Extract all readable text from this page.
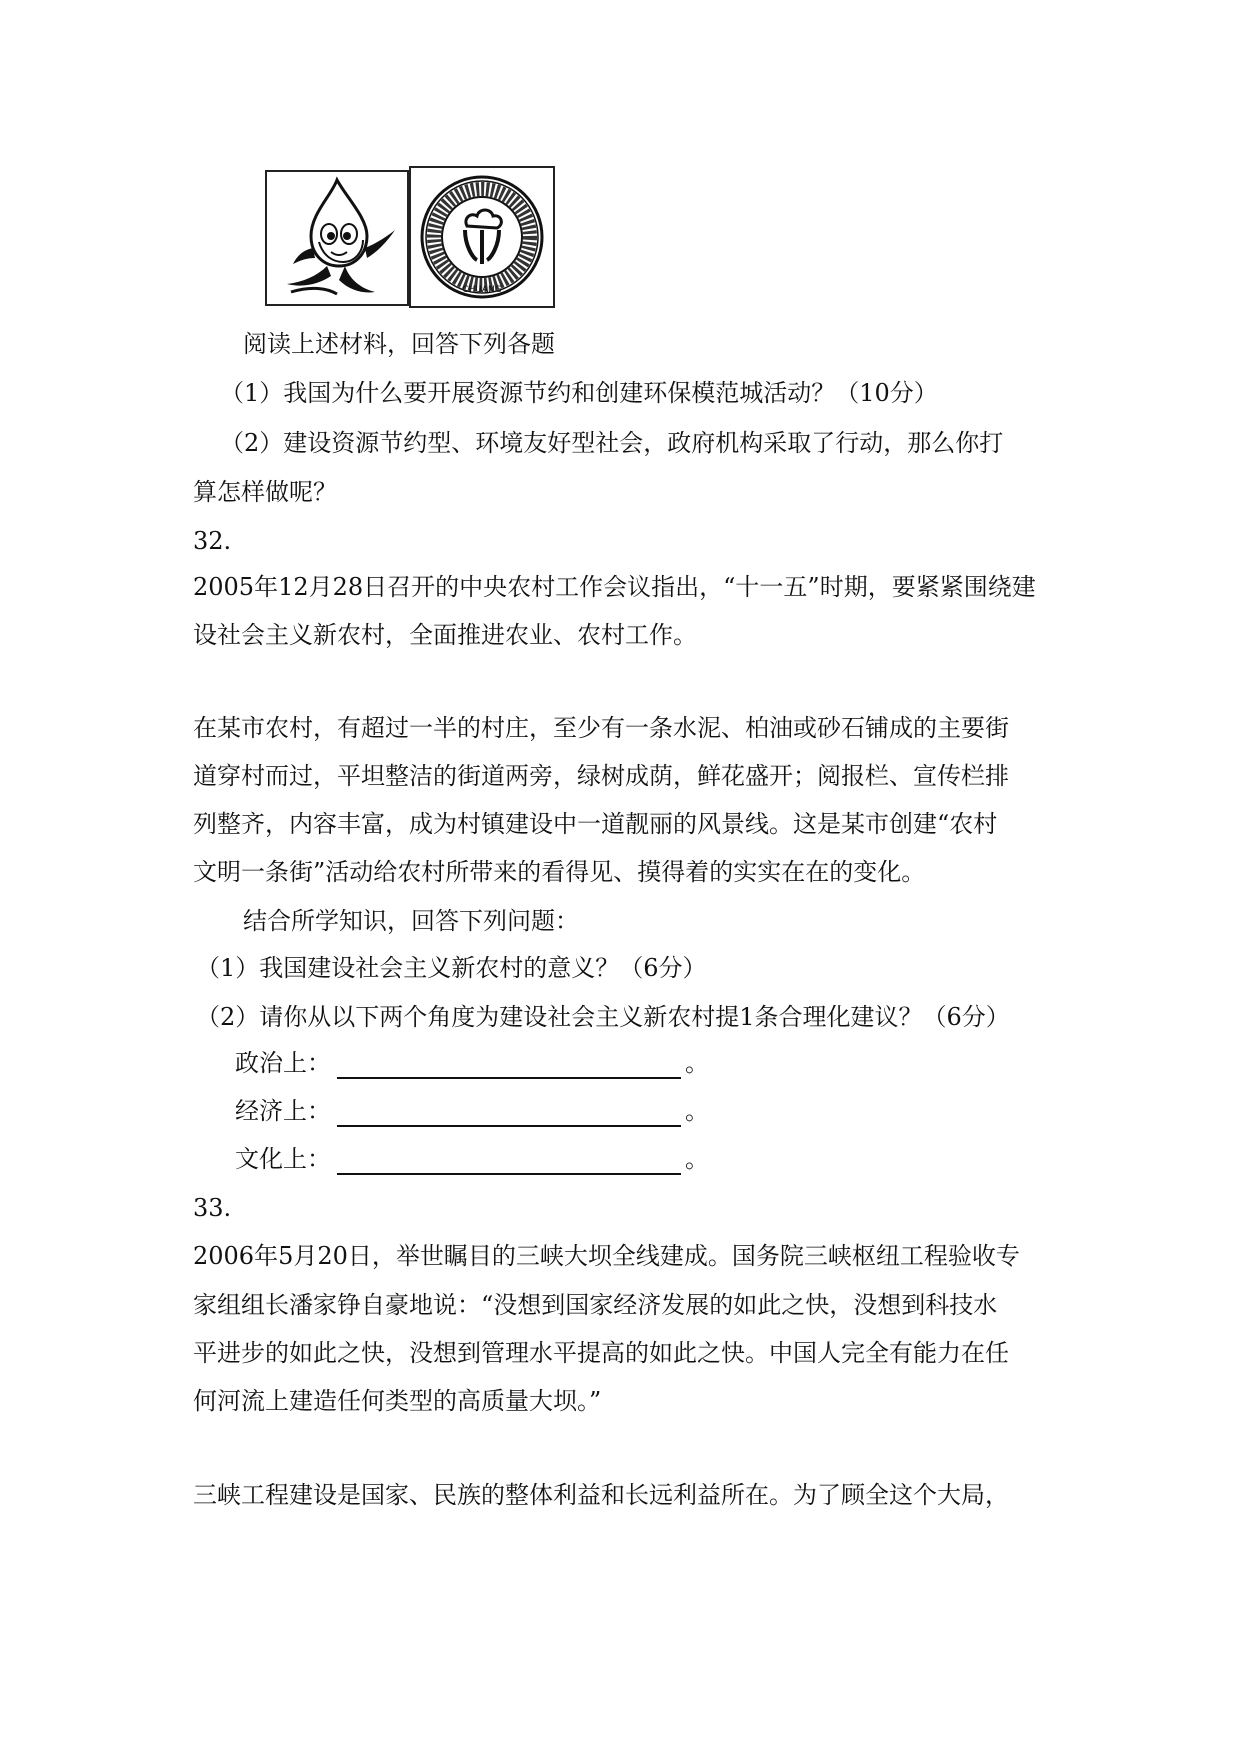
CHUANG
阅读上述材料，回答下列各题
（1）我国为什么要开展资源节约和创建环保模范城活动？（10分）
（2）建设资源节约型、环境友好型社会，政府机构采取了行动，那么你打
算怎样做呢？
32.
2005年12月28日召开的中央农村工作会议指出，“十一五”时期，要紧紧围绕建
设社会主义新农村，全面推进农业、农村工作。
在某市农村，有超过一半的村庄，至少有一条水泥、柏油或砂石铺成的主要街
道穿村而过，平坦整洁的街道两旁，绿树成荫，鲜花盛开；阅报栏、宣传栏排
列整齐，内容丰富，成为村镇建设中一道靓丽的风景线。这是某市创建“农村
文明一条街”活动给农村所带来的看得见、摸得着的实实在在的变化。
结合所学知识，回答下列问题：
（1）我国建设社会主义新农村的意义？（6分）
（2）请你从以下两个角度为建设社会主义新农村提1条合理化建议？（6分）
政治上：	。
经济上：	。
文化上：	。
33.
2006年5月20日，举世瞩目的三峡大坝全线建成。国务院三峡枢纽工程验收专
家组组长潘家铮自豪地说：“没想到国家经济发展的如此之快，没想到科技水
平进步的如此之快，没想到管理水平提高的如此之快。中国人完全有能力在任
何河流上建造任何类型的高质量大坝。”
三峡工程建设是国家、民族的整体利益和长远利益所在。为了顾全这个大局，
